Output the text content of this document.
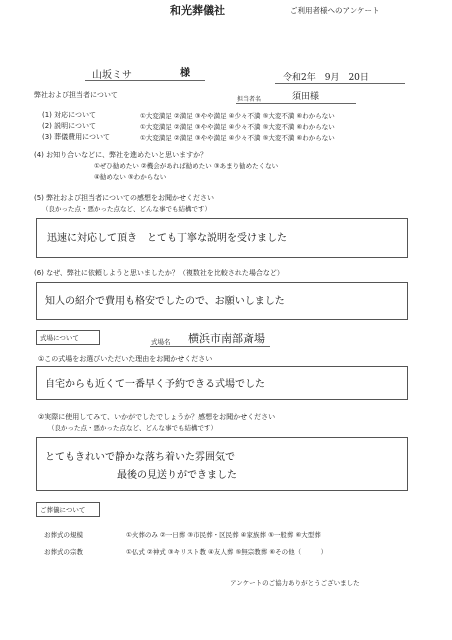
和光葬儀社	ご利用者様へのアンケート
山坂ミサ	様	令和2年　9月　20日
弊社および担当者について
担当者名	須田様
(1) 対応について	①大変満足 ②満足 ③やや満足 ④少々不満 ⑤大変不満 ⑥わからない
(2) 説明について	①大変満足 ②満足 ③やや満足 ④少々不満 ⑤大変不満 ⑥わからない
(3) 葬儀費用について	①大変満足 ②満足 ③やや満足 ④少々不満 ⑤大変不満 ⑥わからない
(4) お知り合いなどに、弊社を進めたいと思いますか？
①ぜひ勧めたい ②機会があれば勧めたい ③あまり勧めたくない
④勧めない ⑤わからない
(5) 弊社および担当者についての感想をお聞かせください
（良かった点・悪かった点など、どんな事でも結構です）
迅速に対応して頂き　とても丁寧な説明を受けました
(6) なぜ、弊社に依頼しようと思いましたか？（複数社を比較された場合など）
知人の紹介で費用も格安でしたので、お願いしました
式場について	式場名 横浜市南部斎場
①この式場をお選びいただいた理由をお聞かせください
自宅からも近くて一番早く予約できる式場でした
②実際に使用してみて、いかがでしたでしょうか？感想をお聞かせください
（良かった点・悪かった点など、どんな事でも結構です）
とてもきれいで静かな落ち着いた雰囲気で
最後の見送りができました
ご葬儀について
お葬式の規模	①火葬のみ ②一日葬 ③市民葬・区民葬 ④家族葬 ⑤一般葬 ⑥大型葬
お葬式の宗教	①仏式 ②神式 ③キリスト教 ④友人葬 ⑤無宗教葬 ⑥その他（　　　）
アンケートのご協力ありがとうございました
